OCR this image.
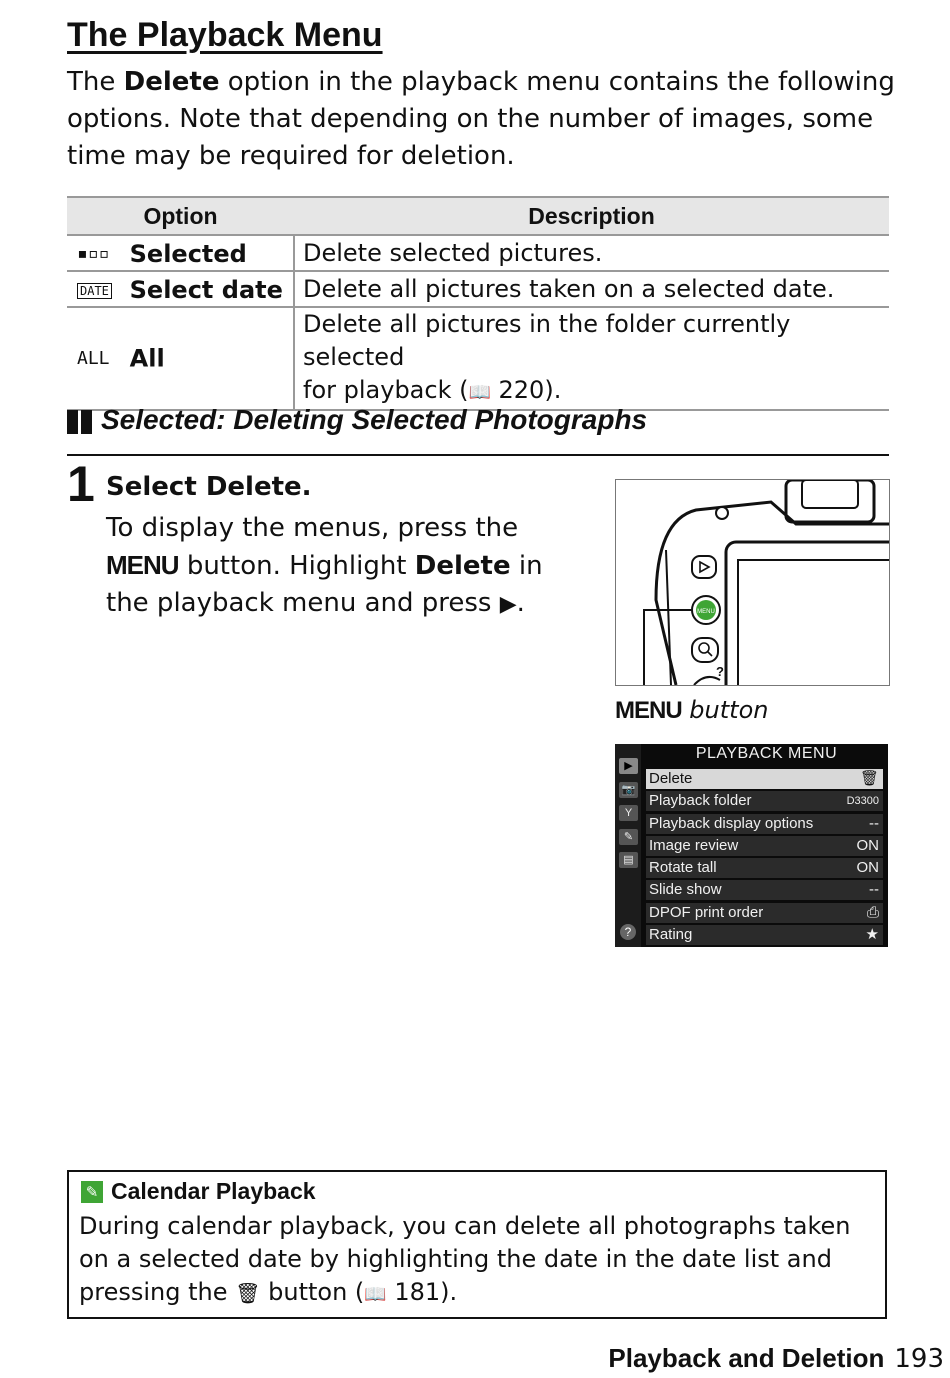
The Playback Menu

The Delete option in the playback menu contains the following options. Note that depending on the number of images, some time may be required for deletion.

Option	Description
▪▫▫ Selected	Delete selected pictures.
DATE Select date	Delete all pictures taken on a selected date.
ALL All	Delete all pictures in the folder currently selected
for playback (📖 220).
Selected: Deleting Selected Photographs
1 Select Delete.

To display the menus, press the MENU button. Highlight Delete in the playback menu and press ▶.	MENU
?
MENU button
▶
📷
Y
✎
▤
?
PLAYBACK MENU
Delete	🗑
Playback folder	D3300
Playback display options	--
Image review	ON
Rotate tall	ON
Slide show	--
DPOF print order	⎙
Rating	★
✎ Calendar Playback

During calendar playback, you can delete all photographs taken on a selected date by highlighting the date in the date list and pressing the 🗑 button (📖 181).

Playback and Deletion 193
